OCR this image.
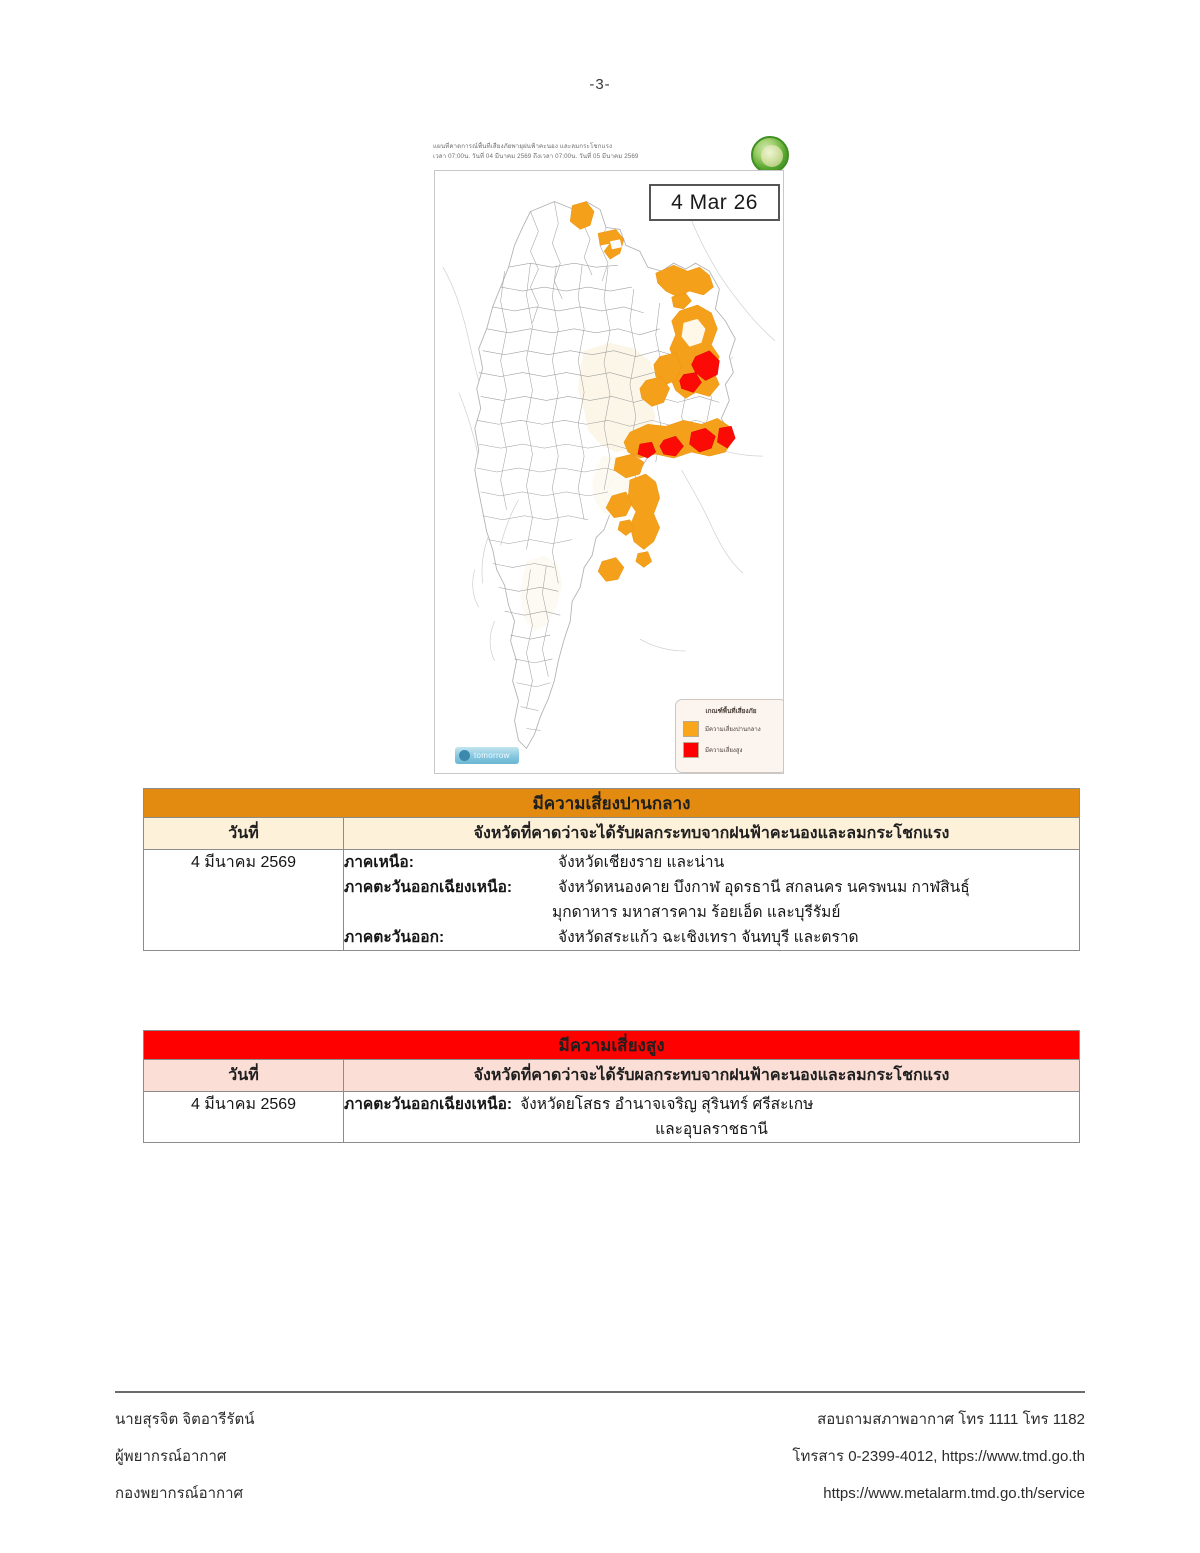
-3-
แผนที่คาดการณ์พื้นที่เสี่ยงภัยพายุฝนฟ้าคะนอง และลมกระโชกแรง
เวลา 07:00น. วันที่ 04 มีนาคม 2569 ถึงเวลา 07:00น. วันที่ 05 มีนาคม 2569
เกณฑ์พื้นที่เสี่ยงภัย
มีความเสี่ยงปานกลาง
มีความเสี่ยงสูง
tomorrow
4 Mar 26
มีความเสี่ยงปานกลาง	
วันที่	จังหวัดที่คาดว่าจะได้รับผลกระทบจากฝนฟ้าคะนองและลมกระโชกแรง
4 มีนาคม 2569	ภาคเหนือ:	จังหวัดเชียงราย และน่าน
ภาคตะวันออกเฉียงเหนือ:	จังหวัดหนองคาย บึงกาฬ อุดรธานี สกลนคร นครพนม กาฬสินธุ์
มุกดาหาร มหาสารคาม ร้อยเอ็ด และบุรีรัมย์
ภาคตะวันออก:	จังหวัดสระแก้ว ฉะเชิงเทรา จันทบุรี และตราด
มีความเสี่ยงสูง	
วันที่	จังหวัดที่คาดว่าจะได้รับผลกระทบจากฝนฟ้าคะนองและลมกระโชกแรง
4 มีนาคม 2569	ภาคตะวันออกเฉียงเหนือ: จังหวัดยโสธร อำนาจเจริญ สุรินทร์ ศรีสะเกษ
และอุบลราชธานี
นายสุรจิต จิตอารีรัตน์
ผู้พยากรณ์อากาศ
กองพยากรณ์อากาศ
สอบถามสภาพอากาศ โทร 1111 โทร 1182
โทรสาร 0-2399-4012, https://www.tmd.go.th
https://www.metalarm.tmd.go.th/service
